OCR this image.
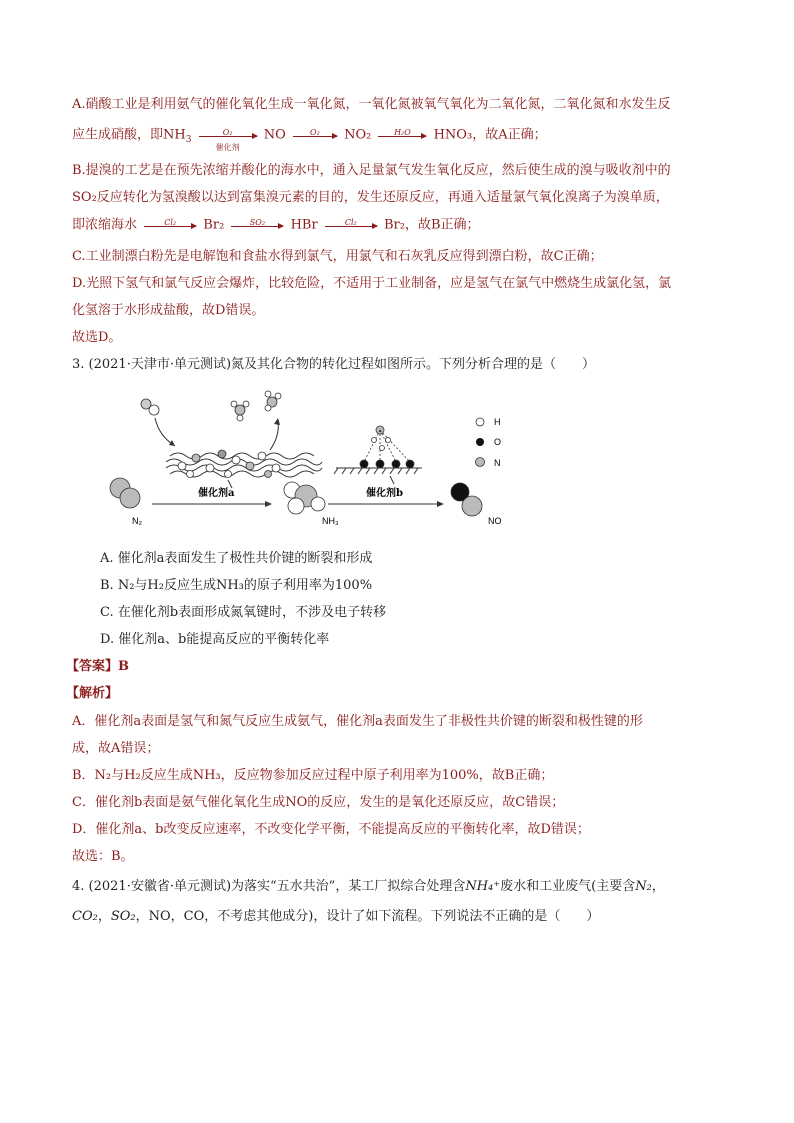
A.硝酸工业是利用氨气的催化氧化生成一氧化氮，一氧化氮被氧气氧化为二氧化氮，二氧化氮和水发生反
应生成硝酸，即$NH_3$
O₂
催化剂
NO	O₂	NO₂	H₂O	HNO₃，故A正确；
B.提溴的工艺是在预先浓缩并酸化的海水中，通入足量氯气发生氧化反应，然后使生成的溴与吸收剂中的
SO₂反应转化为氢溴酸以达到富集溴元素的目的，发生还原反应，再通入适量氯气氧化溴离子为溴单质，
即浓缩海水	Cl₂	Br₂	SO₂	HBr	Cl₂	Br₂，故B正确；
C.工业制漂白粉先是电解饱和食盐水得到氯气，用氯气和石灰乳反应得到漂白粉，故C正确；
D.光照下氢气和氯气反应会爆炸，比较危险，不适用于工业制备，应是氢气在氯气中燃烧生成氯化氢，氯
化氢溶于水形成盐酸，故D错误。
故选D。
3. (2021·天津市·单元测试)氮及其化合物的转化过程如图所示。下列分析合理的是（　　）
N₂
催化剂a
NH₃
催化剂b
NO
H
O
N
A. 催化剂a表面发生了极性共价键的断裂和形成
B. N₂与H₂反应生成NH₃的原子利用率为100%
C. 在催化剂b表面形成氮氧键时，不涉及电子转移
D. 催化剂a、b能提高反应的平衡转化率
【答案】B
【解析】
A．催化剂a表面是氢气和氮气反应生成氨气，催化剂a表面发生了非极性共价键的断裂和极性键的形
成，故A错误；
B．N₂与H₂反应生成NH₃，反应物参加反应过程中原子利用率为100%，故B正确；
C．催化剂b表面是氨气催化氧化生成NO的反应，发生的是氧化还原反应，故C错误；
D．催化剂a、b改变反应速率，不改变化学平衡，不能提高反应的平衡转化率，故D错误；
故选：B。
4. (2021·安徽省·单元测试)为落实“五水共治”，某工厂拟综合处理含NH₄⁺废水和工业废气(主要含N₂，
CO₂，SO₂，NO，CO，不考虑其他成分)，设计了如下流程。下列说法不正确的是（　　）
